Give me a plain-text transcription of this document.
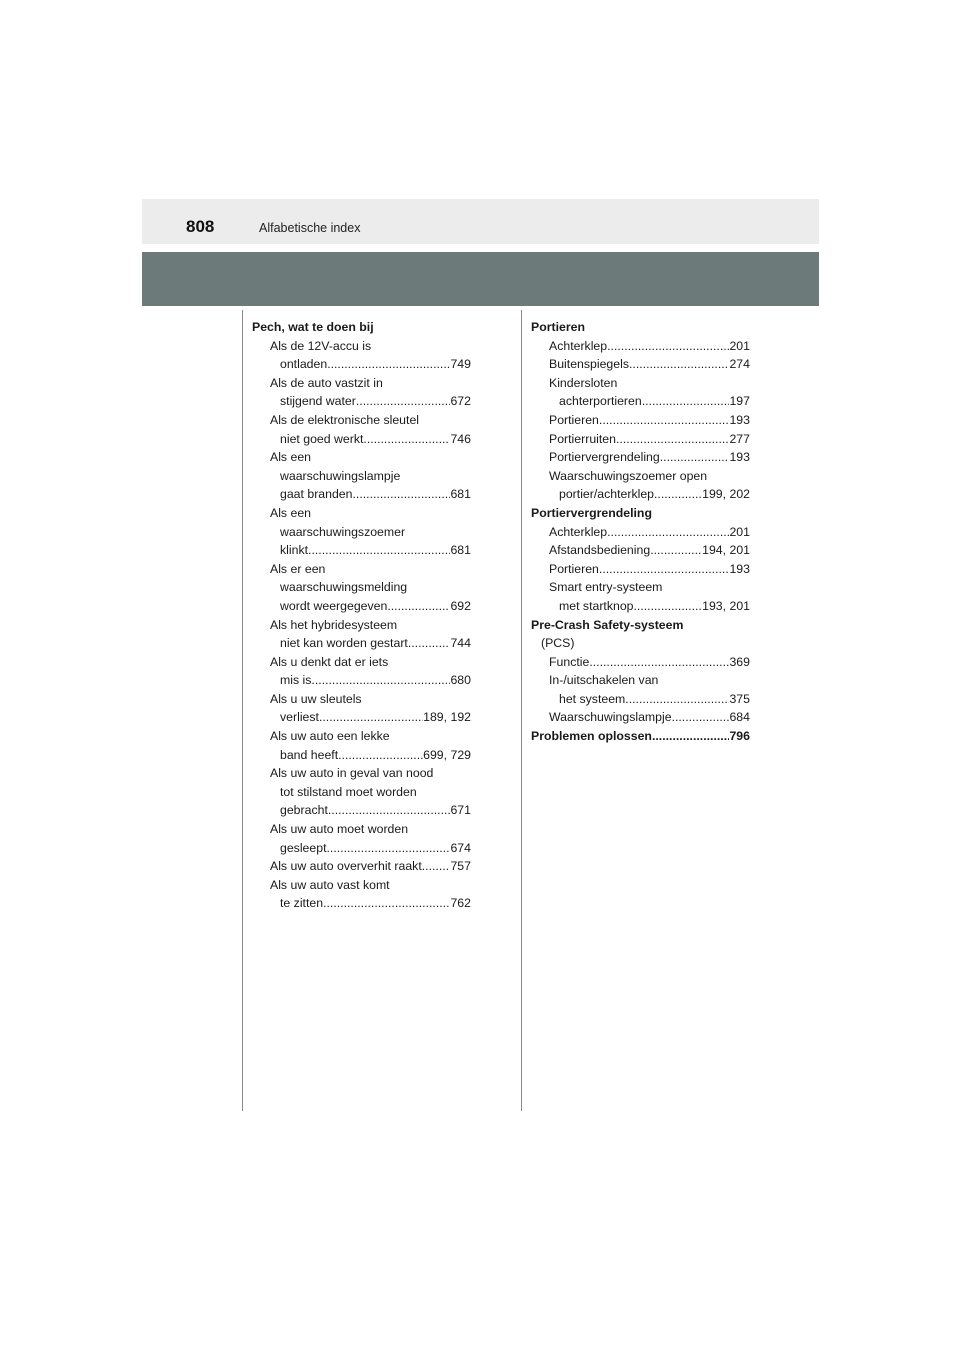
808	Alfabetische index
Pech, wat te doen bij
Als de 12V-accu is
ontladen .....	749
Als de auto vastzit in
stijgend water .....	672
Als de elektronische sleutel
niet goed werkt .....	746
Als een
waarschuwingslampje
gaat branden .....	681
Als een
waarschuwingszoemer
klinkt .....	681
Als er een
waarschuwingsmelding
wordt weergegeven .....	692
Als het hybridesysteem
niet kan worden gestart .....	744
Als u denkt dat er iets
mis is .....	680
Als u uw sleutels
verliest .....	189, 192
Als uw auto een lekke
band heeft .....	699, 729
Als uw auto in geval van nood
tot stilstand moet worden
gebracht .....	671
Als uw auto moet worden
gesleept .....	674
Als uw auto oververhit raakt ..... 757
Als uw auto vast komt
te zitten .....	762
Portieren
Achterklep .....	201
Buitenspiegels .....	274
Kindersloten
achterportieren .....	197
Portieren .....	193
Portierruiten .....	277
Portiervergrendeling .....	193
Waarschuwingszoemer open
portier/achterklep .....	199, 202
Portiervergrendeling
Achterklep .....	201
Afstandsbediening .....	194, 201
Portieren .....	193
Smart entry-systeem
met startknop .....	193, 201
Pre-Crash Safety-systeem
(PCS)
Functie .....	369
In-/uitschakelen van
het systeem .....	375
Waarschuwingslampje .....	684
Problemen oplossen .....	796
